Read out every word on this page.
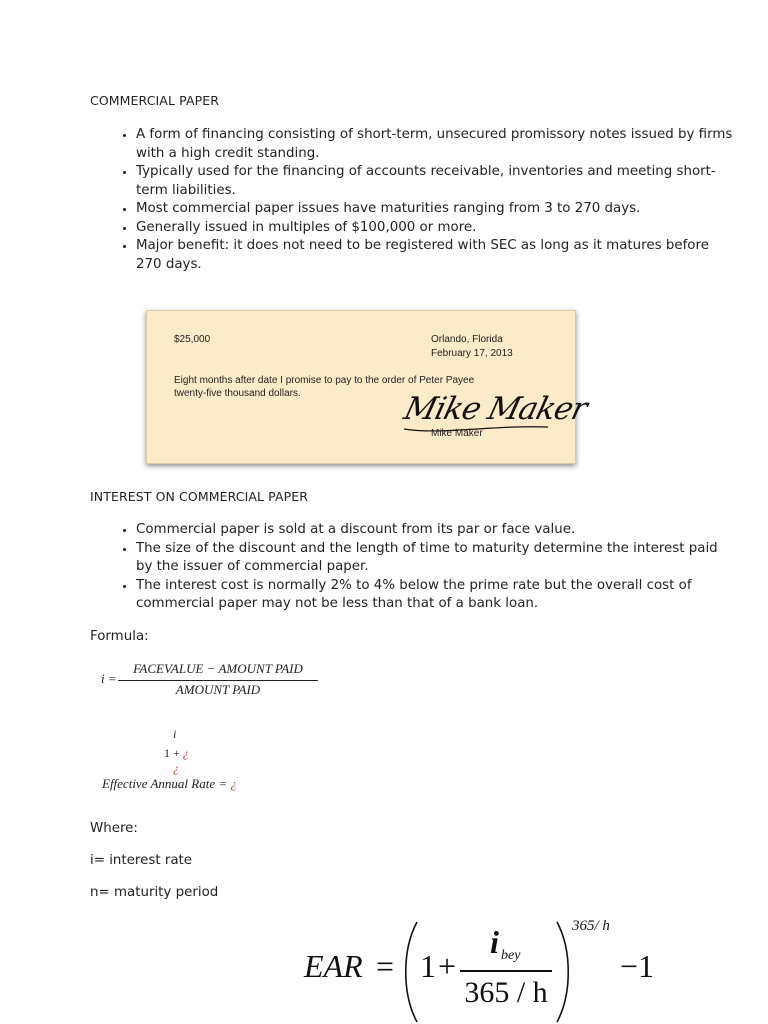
COMMERCIAL PAPER
• A form of financing consisting of short-term, unsecured promissory notes issued by firms with a high credit standing.
• Typically used for the financing of accounts receivable, inventories and meeting short-term liabilities.
• Most commercial paper issues have maturities ranging from 3 to 270 days.
• Generally issued in multiples of $100,000 or more.
• Major benefit: it does not need to be registered with SEC as long as it matures before 270 days.
$25,000	Orlando, Florida
February 17, 2013
Eight months after date I promise to pay to the order of Peter Payee
twenty-five thousand dollars.	Mike Maker
Mike Maker
INTEREST ON COMMERCIAL PAPER
• Commercial paper is sold at a discount from its par or face value.
• The size of the discount and the length of time to maturity determine the interest paid by the issuer of commercial paper.
• The interest cost is normally 2% to 4% below the prime rate but the overall cost of commercial paper may not be less than that of a bank loan.
Formula:
i =
FACEVALUE − AMOUNT PAID
AMOUNT PAID
i
1 + ¿
¿
Effective Annual Rate = ¿
Where:
i= interest rate
n= maturity period
EAR = 1 +
i bey
365 / h
365/ h
−1
